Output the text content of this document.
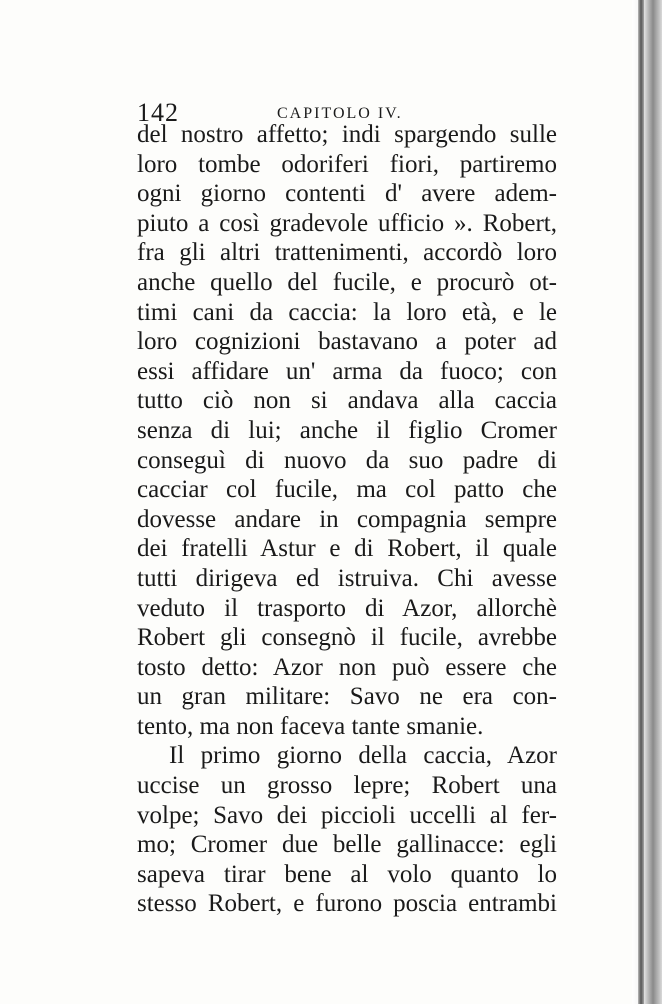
142	CAPITOLO IV.
del nostro affetto; indi spargendo sulle
loro tombe odoriferi fiori, partiremo
ogni giorno contenti d' avere adem-
piuto a così gradevole ufficio ». Robert,
fra gli altri trattenimenti, accordò loro
anche quello del fucile, e procurò ot-
timi cani da caccia: la loro età, e le
loro cognizioni bastavano a poter ad
essi affidare un' arma da fuoco; con
tutto ciò non si andava alla caccia
senza di lui; anche il figlio Cromer
conseguì di nuovo da suo padre di
cacciar col fucile, ma col patto che
dovesse andare in compagnia sempre
dei fratelli Astur e di Robert, il quale
tutti dirigeva ed istruiva. Chi avesse
veduto il trasporto di Azor, allorchè
Robert gli consegnò il fucile, avrebbe
tosto detto: Azor non può essere che
un gran militare: Savo ne era con-
tento, ma non faceva tante smanie.
Il primo giorno della caccia, Azor
uccise un grosso lepre; Robert una
volpe; Savo dei piccioli uccelli al fer-
mo; Cromer due belle gallinacce: egli
sapeva tirar bene al volo quanto lo
stesso Robert, e furono poscia entrambi
